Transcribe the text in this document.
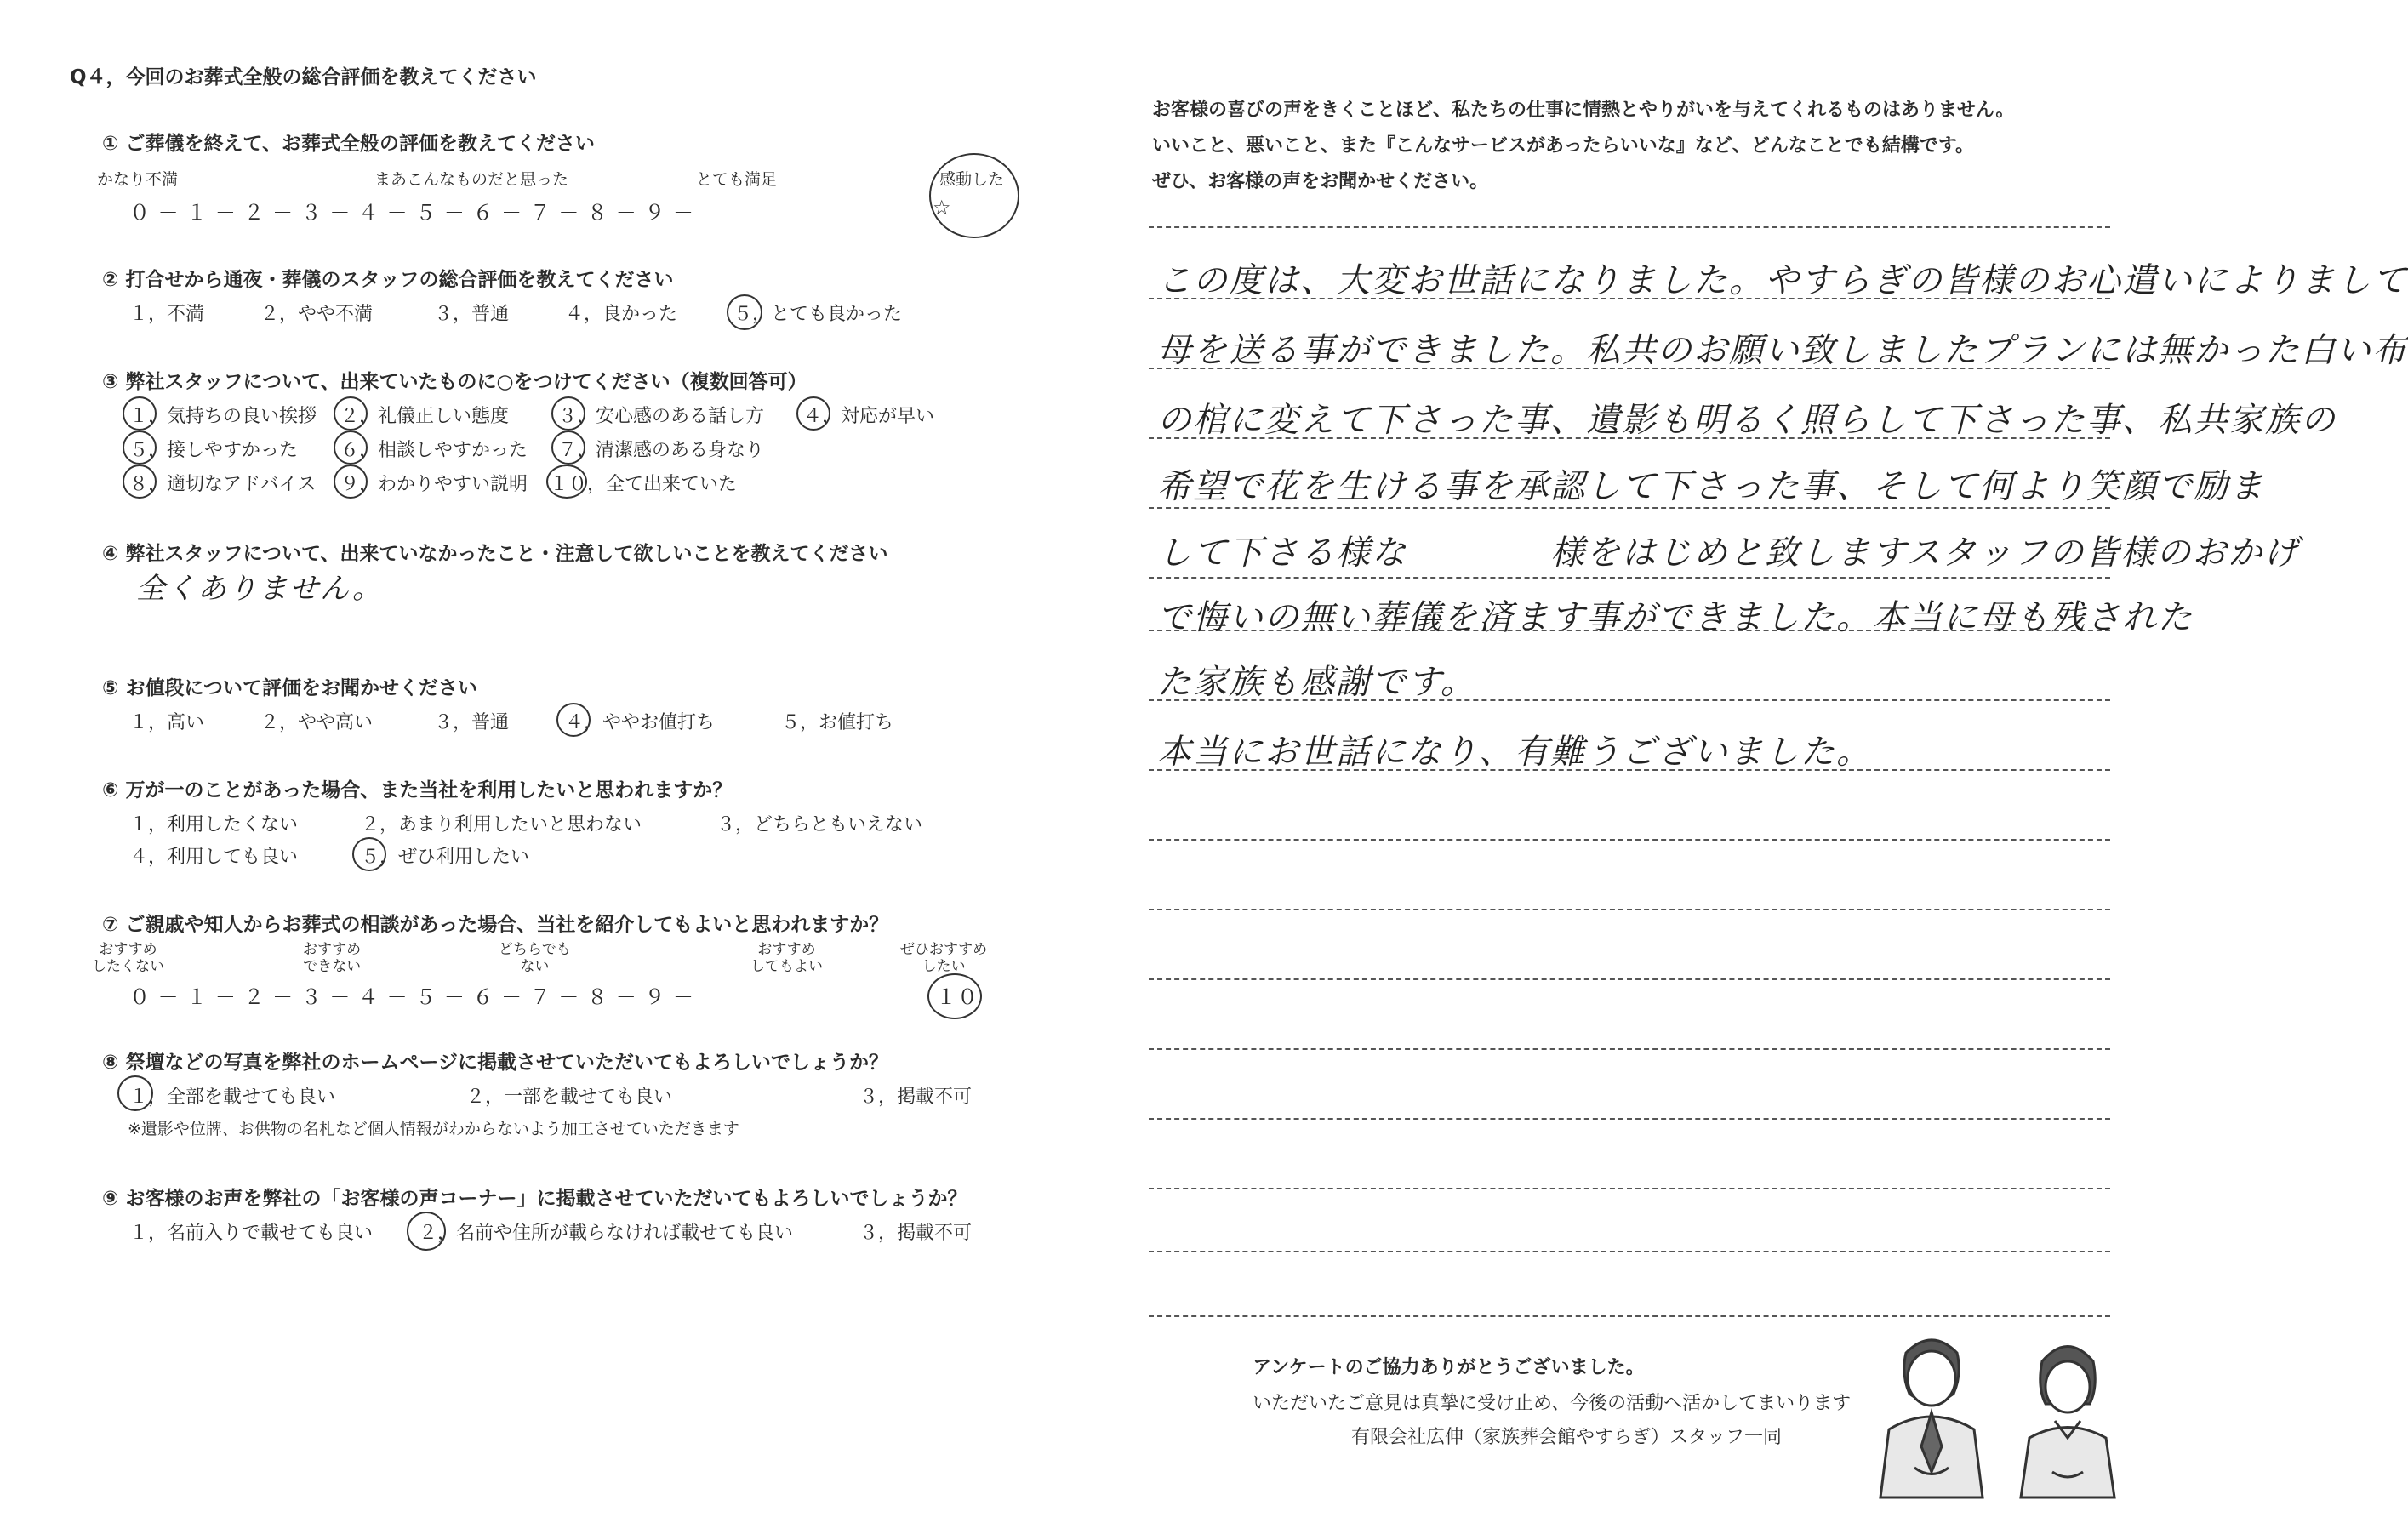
Q４，今回のお葬式全般の総合評価を教えてください
① ご葬儀を終えて、お葬式全般の評価を教えてください
かなり不満	まあこんなものだと思った	とても満足	感動した
０ － １ － ２ － ３ － ４ － ５ － ６ － ７ － ８ － ９ －	☆
② 打合せから通夜・葬儀のスタッフの総合評価を教えてください
１，不満	２，やや不満	３，普通	４，良かった	５，とても良かった
③ 弊社スタッフについて、出来ていたものに○をつけてください（複数回答可）
１，気持ちの良い挨拶 ２，礼儀正しい態度	３，安心感のある話し方 ４，対応が早い
５，接しやすかった ６，相談しやすかった ７，清潔感のある身なり
８，適切なアドバイス ９，わかりやすい説明 １０，全て出来ていた
④ 弊社スタッフについて、出来ていなかったこと・注意して欲しいことを教えてください
全くありません。
⑤ お値段について評価をお聞かせください
１，高い	２，やや高い	３，普通	４，ややお値打ち	５，お値打ち
⑥ 万が一のことがあった場合、また当社を利用したいと思われますか？
１，利用したくない	２，あまり利用したいと思わない	３，どちらともいえない
４，利用しても良い	５，ぜひ利用したい
⑦ ご親戚や知人からお葬式の相談があった場合、当社を紹介してもよいと思われますか？
おすすめ
したくない
おすすめ
できない
どちらでも
ない
おすすめ
してもよい
ぜひおすすめ
したい
０ － １ － ２ － ３ － ４ － ５ － ６ － ７ － ８ － ９ －	１０
⑧ 祭壇などの写真を弊社のホームページに掲載させていただいてもよろしいでしょうか？
１，全部を載せても良い	２，一部を載せても良い	３，掲載不可
※遺影や位牌、お供物の名札など個人情報がわからないよう加工させていただきます
⑨ お客様のお声を弊社の「お客様の声コーナー」に掲載させていただいてもよろしいでしょうか？
１，名前入りで載せても良い ２，名前や住所が載らなければ載せても良い	３，掲載不可
お客様の喜びの声をきくことほど、私たちの仕事に情熱とやりがいを与えてくれるものはありません。
いいこと、悪いこと、また『こんなサービスがあったらいいな』など、どんなことでも結構です。
ぜひ、お客様の声をお聞かせください。
この度は、大変お世話になりました。やすらぎの皆様のお心遣いによりまして
母を送る事ができました。私共のお願い致しましたプランには無かった白い布
の棺に変えて下さった事、遺影も明るく照らして下さった事、私共家族の
希望で花を生ける事を承認して下さった事、そして何より笑顔で励ま
して下さる様な　　　　様をはじめと致しますスタッフの皆様のおかげ
で悔いの無い葬儀を済ます事ができました。本当に母も残された
た家族も感謝です。
本当にお世話になり、有難うございました。
アンケートのご協力ありがとうございました。
いただいたご意見は真摯に受け止め、今後の活動へ活かしてまいります
有限会社広伸（家族葬会館やすらぎ）スタッフ一同
